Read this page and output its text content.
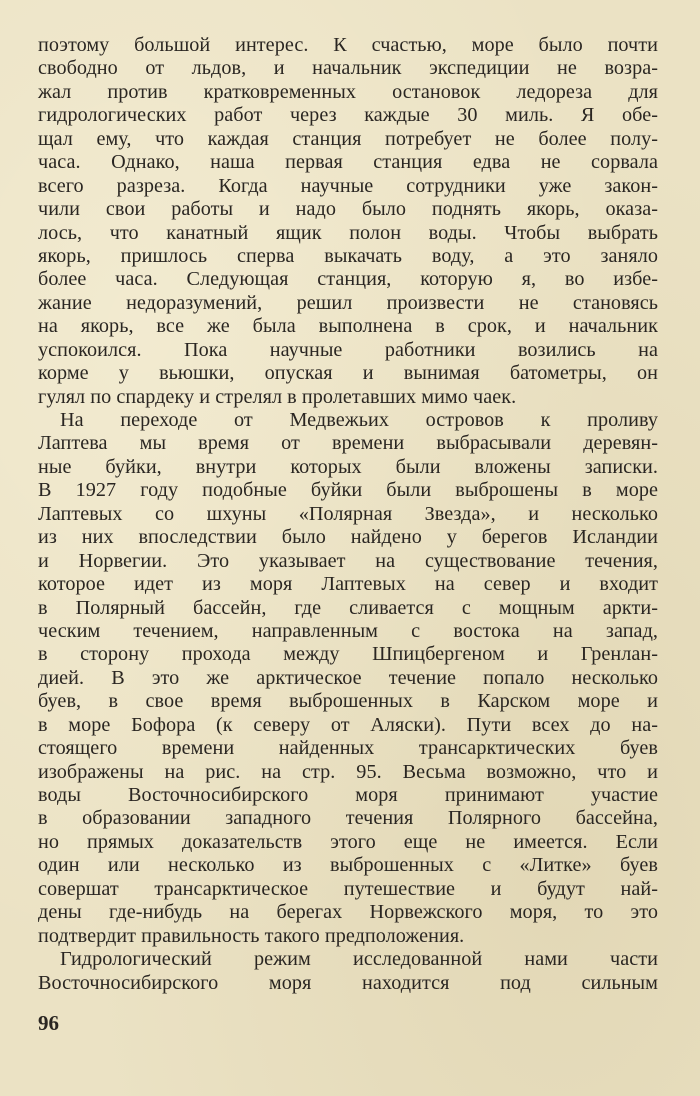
поэтому большой интерес. К счастью, море было почти
свободно от льдов, и начальник экспедиции не возра-
жал против кратковременных остановок ледореза для
гидрологических работ через каждые 30 миль. Я обе-
щал ему, что каждая станция потребует не более полу-
часа. Однако, наша первая станция едва не сорвала
всего разреза. Когда научные сотрудники уже закон-
чили свои работы и надо было поднять якорь, оказа-
лось, что канатный ящик полон воды. Чтобы выбрать
якорь, пришлось сперва выкачать воду, а это заняло
более часа. Следующая станция, которую я, во избе-
жание недоразумений, решил произвести не становясь
на якорь, все же была выполнена в срок, и начальник
успокоился. Пока научные работники возились на
корме у вьюшки, опуская и вынимая батометры, он
гулял по спардеку и стрелял в пролетавших мимо чаек.
На переходе от Медвежьих островов к проливу
Лаптева мы время от времени выбрасывали деревян-
ные буйки, внутри которых были вложены записки.
В 1927 году подобные буйки были выброшены в море
Лаптевых со шхуны «Полярная Звезда», и несколько
из них впоследствии было найдено у берегов Исландии
и Норвегии. Это указывает на существование течения,
которое идет из моря Лаптевых на север и входит
в Полярный бассейн, где сливается с мощным аркти-
ческим течением, направленным с востока на запад,
в сторону прохода между Шпицбергеном и Гренлан-
дией. В это же арктическое течение попало несколько
буев, в свое время выброшенных в Карском море и
в море Бофора (к северу от Аляски). Пути всех до на-
стоящего времени найденных трансарктических буев
изображены на рис. на стр. 95. Весьма возможно, что и
воды Восточносибирского моря принимают участие
в образовании западного течения Полярного бассейна,
но прямых доказательств этого еще не имеется. Если
один или несколько из выброшенных с «Литке» буев
совершат трансарктическое путешествие и будут най-
дены где-нибудь на берегах Норвежского моря, то это
подтвердит правильность такого предположения.
Гидрологический режим исследованной нами части
Восточносибирского моря находится под сильным
96
